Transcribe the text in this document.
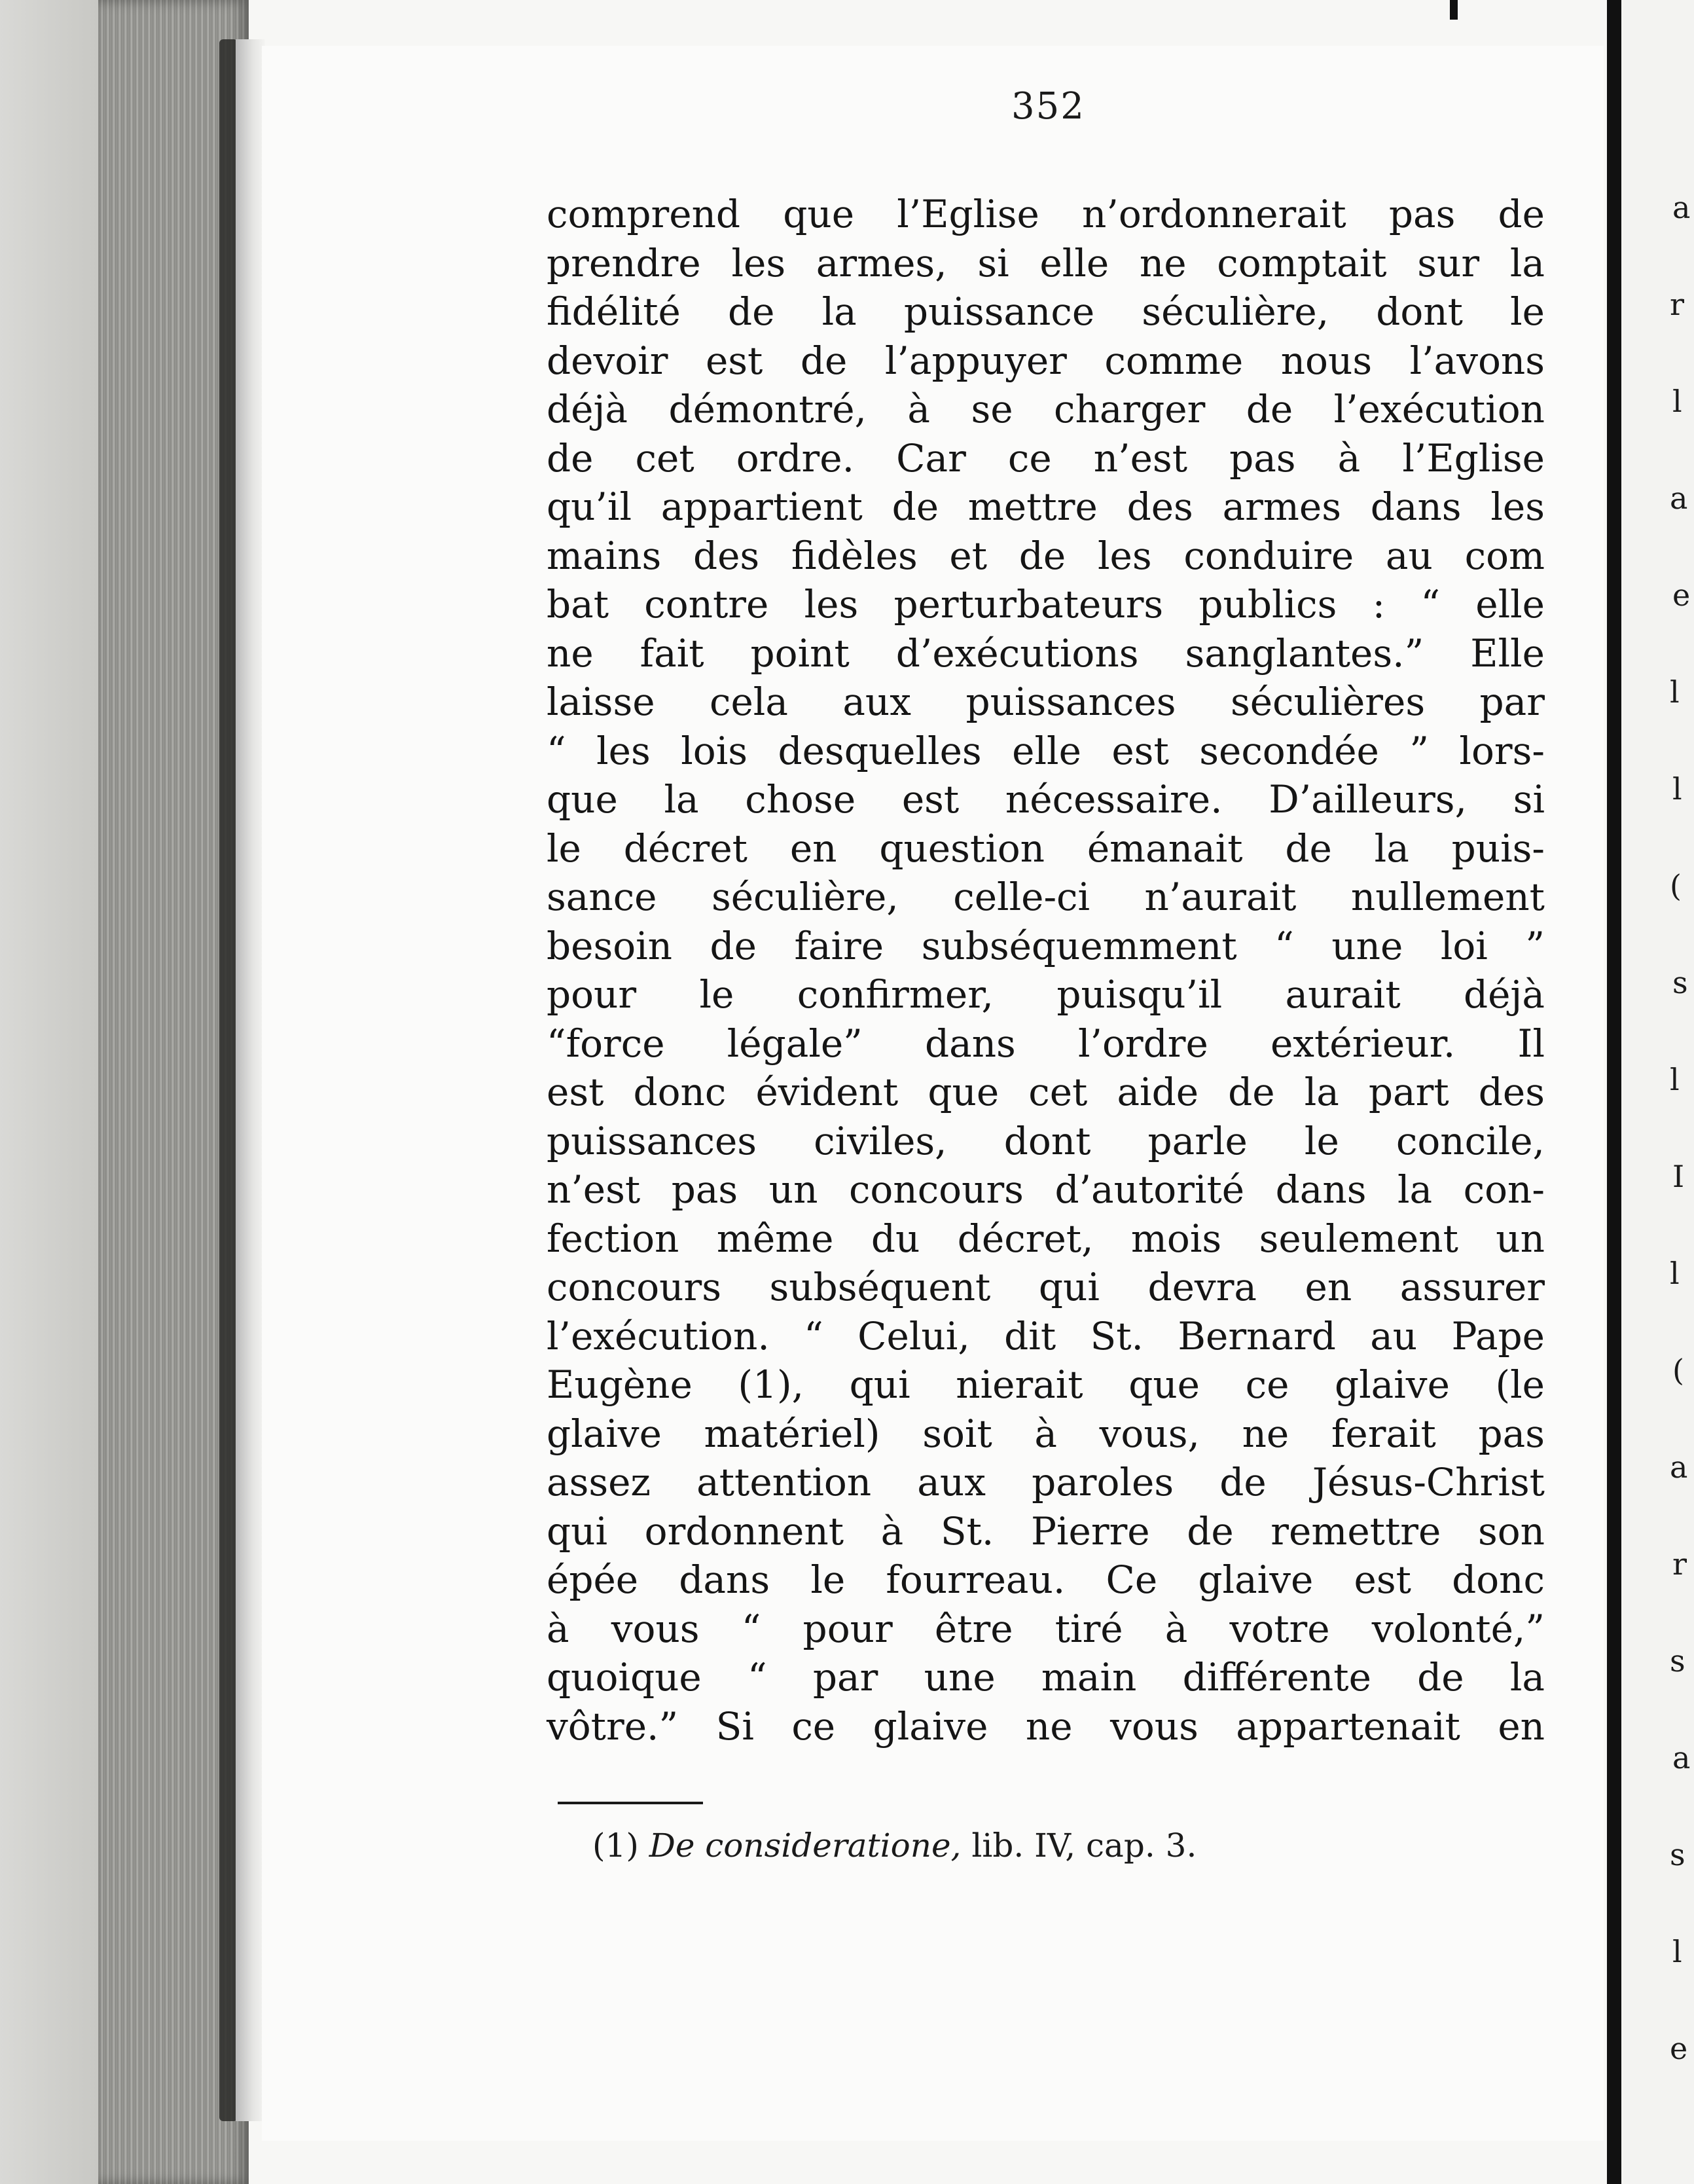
352
comprend que l’Eglise n’ordonnerait pas de
prendre les armes, si elle ne comptait sur la
fidélité de la puissance séculière, dont le
devoir est de l’appuyer comme nous l’avons
déjà démontré, à se charger de l’exécution
de cet ordre. Car ce n’est pas à l’Eglise
qu’il appartient de mettre des armes dans les
mains des fidèles et de les conduire au com
bat contre les perturbateurs publics : “ elle
ne fait point d’exécutions sanglantes.” Elle
laisse cela aux puissances séculières par
“ les lois desquelles elle est secondée ” lors-
que la chose est nécessaire. D’ailleurs, si
le décret en question émanait de la puis-
sance séculière, celle-ci n’aurait nullement
besoin de faire subséquemment “ une loi ”
pour le confirmer, puisqu’il aurait déjà
“force légale” dans l’ordre extérieur. Il
est donc évident que cet aide de la part des
puissances civiles, dont parle le concile,
n’est pas un concours d’autorité dans la con-
fection même du décret, mois seulement un
concours subséquent qui devra en assurer
l’exécution. “ Celui, dit St. Bernard au Pape
Eugène (1), qui nierait que ce glaive (le
glaive matériel) soit à vous, ne ferait pas
assez attention aux paroles de Jésus-Christ
qui ordonnent à St. Pierre de remettre son
épée dans le fourreau. Ce glaive est donc
à vous “ pour être tiré à votre volonté,”
quoique “ par une main différente de la
vôtre.” Si ce glaive ne vous appartenait en
(1) De consideratione, lib. IV, cap. 3.
a
r
l
a
e
l
l
(
s
l
I
l
(
a
r
s
a
s
l
e
